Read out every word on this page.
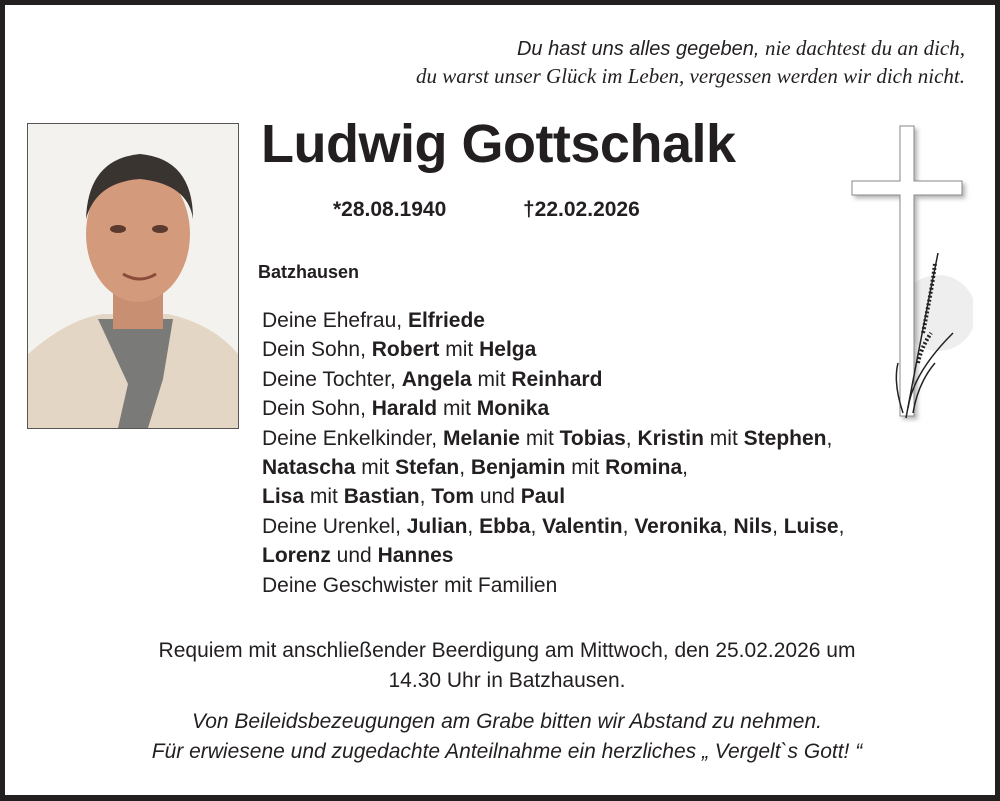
Du hast uns alles gegeben, nie dachtest du an dich,
du warst unser Glück im Leben, vergessen werden wir dich nicht.
Ludwig Gottschalk
*28.08.1940	†22.02.2026
Batzhausen
Deine Ehefrau, Elfriede
Dein Sohn, Robert mit Helga
Deine Tochter, Angela mit Reinhard
Dein Sohn, Harald mit Monika
Deine Enkelkinder, Melanie mit Tobias, Kristin mit Stephen,
Natascha mit Stefan, Benjamin mit Romina,
Lisa mit Bastian, Tom und Paul
Deine Urenkel, Julian, Ebba, Valentin, Veronika, Nils, Luise,
Lorenz und Hannes
Deine Geschwister mit Familien
Requiem mit anschließender Beerdigung am Mittwoch, den 25.02.2026 um
14.30 Uhr in Batzhausen.
Von Beileidsbezeugungen am Grabe bitten wir Abstand zu nehmen.
Für erwiesene und zugedachte Anteilnahme ein herzliches „ Vergelt`s Gott! “
